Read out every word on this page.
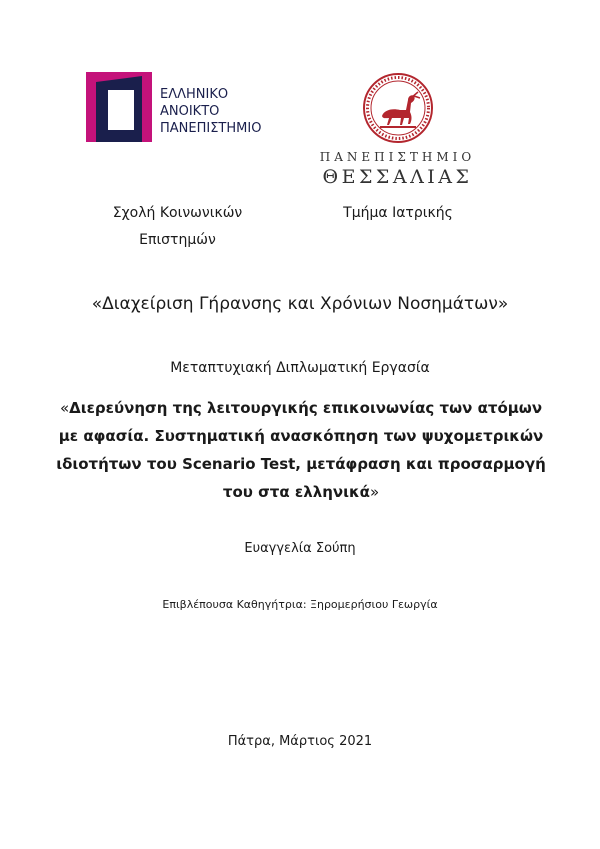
ΕΛΛΗΝΙΚΟ
ΑΝΟΙΚΤΟ
ΠΑΝΕΠΙΣΤΗΜΙΟ
ΠΑΝΕΠΙΣΤΗΜΙΟ
ΘΕΣΣΑΛΙΑΣ
Σχολή Κοινωνικών Επιστημών
Τμήμα Ιατρικής
«Διαχείριση Γήρανσης και Χρόνιων Νοσημάτων»
Μεταπτυχιακή Διπλωματική Εργασία
«Διερεύνηση της λειτουργικής επικοινωνίας των ατόμων με αφασία. Συστηματική ανασκόπηση των ψυχομετρικών ιδιοτήτων του Scenario Test, μετάφραση και προσαρμογή του στα ελληνικά»
Ευαγγελία Σούπη
Επιβλέπουσα Καθηγήτρια: Ξηρομερήσιου Γεωργία
Πάτρα, Μάρτιος 2021
